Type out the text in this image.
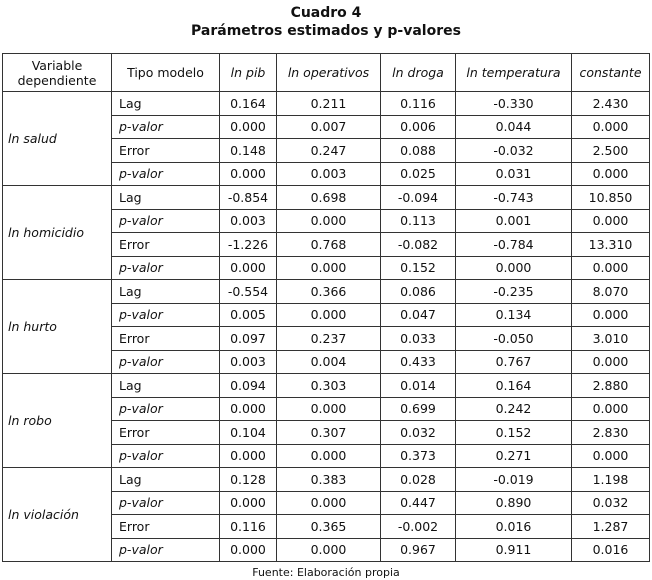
Cuadro 4
Parámetros estimados y p-valores
Variable
dependiente	Tipo modelo	ln pib	ln operativos	ln droga	ln temperatura	constante
ln salud	Lag	0.164	0.211	0.116	-0.330	2.430
	p-valor	0.000	0.007	0.006	0.044	0.000
	Error	0.148	0.247	0.088	-0.032	2.500
	p-valor	0.000	0.003	0.025	0.031	0.000
ln homicidio	Lag	-0.854	0.698	-0.094	-0.743	10.850
	p-valor	0.003	0.000	0.113	0.001	0.000
	Error	-1.226	0.768	-0.082	-0.784	13.310
	p-valor	0.000	0.000	0.152	0.000	0.000
ln hurto	Lag	-0.554	0.366	0.086	-0.235	8.070
	p-valor	0.005	0.000	0.047	0.134	0.000
	Error	0.097	0.237	0.033	-0.050	3.010
	p-valor	0.003	0.004	0.433	0.767	0.000
ln robo	Lag	0.094	0.303	0.014	0.164	2.880
	p-valor	0.000	0.000	0.699	0.242	0.000
	Error	0.104	0.307	0.032	0.152	2.830
	p-valor	0.000	0.000	0.373	0.271	0.000
ln violación	Lag	0.128	0.383	0.028	-0.019	1.198
	p-valor	0.000	0.000	0.447	0.890	0.032
	Error	0.116	0.365	-0.002	0.016	1.287
	p-valor	0.000	0.000	0.967	0.911	0.016
Fuente: Elaboración propia
